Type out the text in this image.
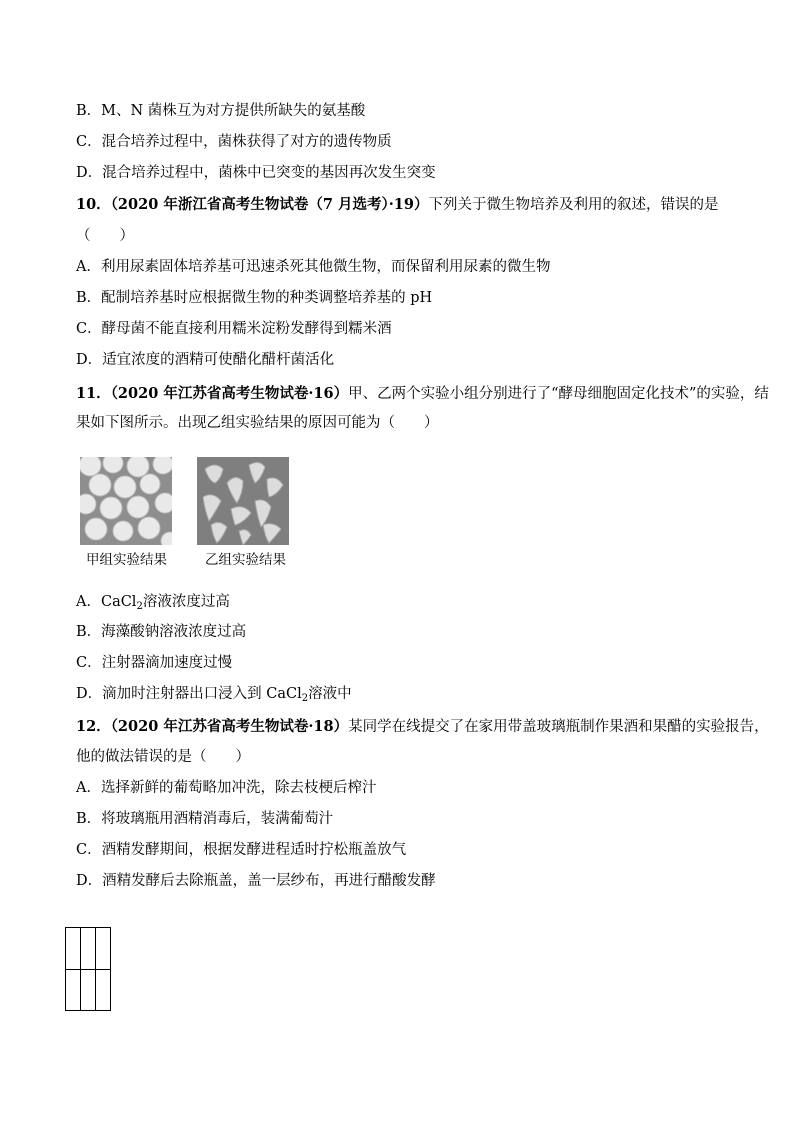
B．M、N 菌株互为对方提供所缺失的氨基酸
C．混合培养过程中，菌株获得了对方的遗传物质
D．混合培养过程中，菌株中已突变的基因再次发生突变
10．（2020 年浙江省高考生物试卷（7 月选考）·19）下列关于微生物培养及利用的叙述，错误的是
（　　）
A．利用尿素固体培养基可迅速杀死其他微生物，而保留利用尿素的微生物
B．配制培养基时应根据微生物的种类调整培养基的 pH
C．酵母菌不能直接利用糯米淀粉发酵得到糯米酒
D．适宜浓度的酒精可使醋化醋杆菌活化
11．（2020 年江苏省高考生物试卷·16）甲、乙两个实验小组分别进行了“酵母细胞固定化技术”的实验，结
果如下图所示。出现乙组实验结果的原因可能为（　　）
甲组实验结果	乙组实验结果
A．CaCl$_2$溶液浓度过高
B．海藻酸钠溶液浓度过高
C．注射器滴加速度过慢
D．滴加时注射器出口浸入到 CaCl$_2$溶液中
12．（2020 年江苏省高考生物试卷·18）某同学在线提交了在家用带盖玻璃瓶制作果酒和果醋的实验报告，
他的做法错误的是（　　）
A．选择新鲜的葡萄略加冲洗，除去枝梗后榨汁
B．将玻璃瓶用酒精消毒后，装满葡萄汁
C．酒精发酵期间，根据发酵进程适时拧松瓶盖放气
D．酒精发酵后去除瓶盖，盖一层纱布，再进行醋酸发酵
